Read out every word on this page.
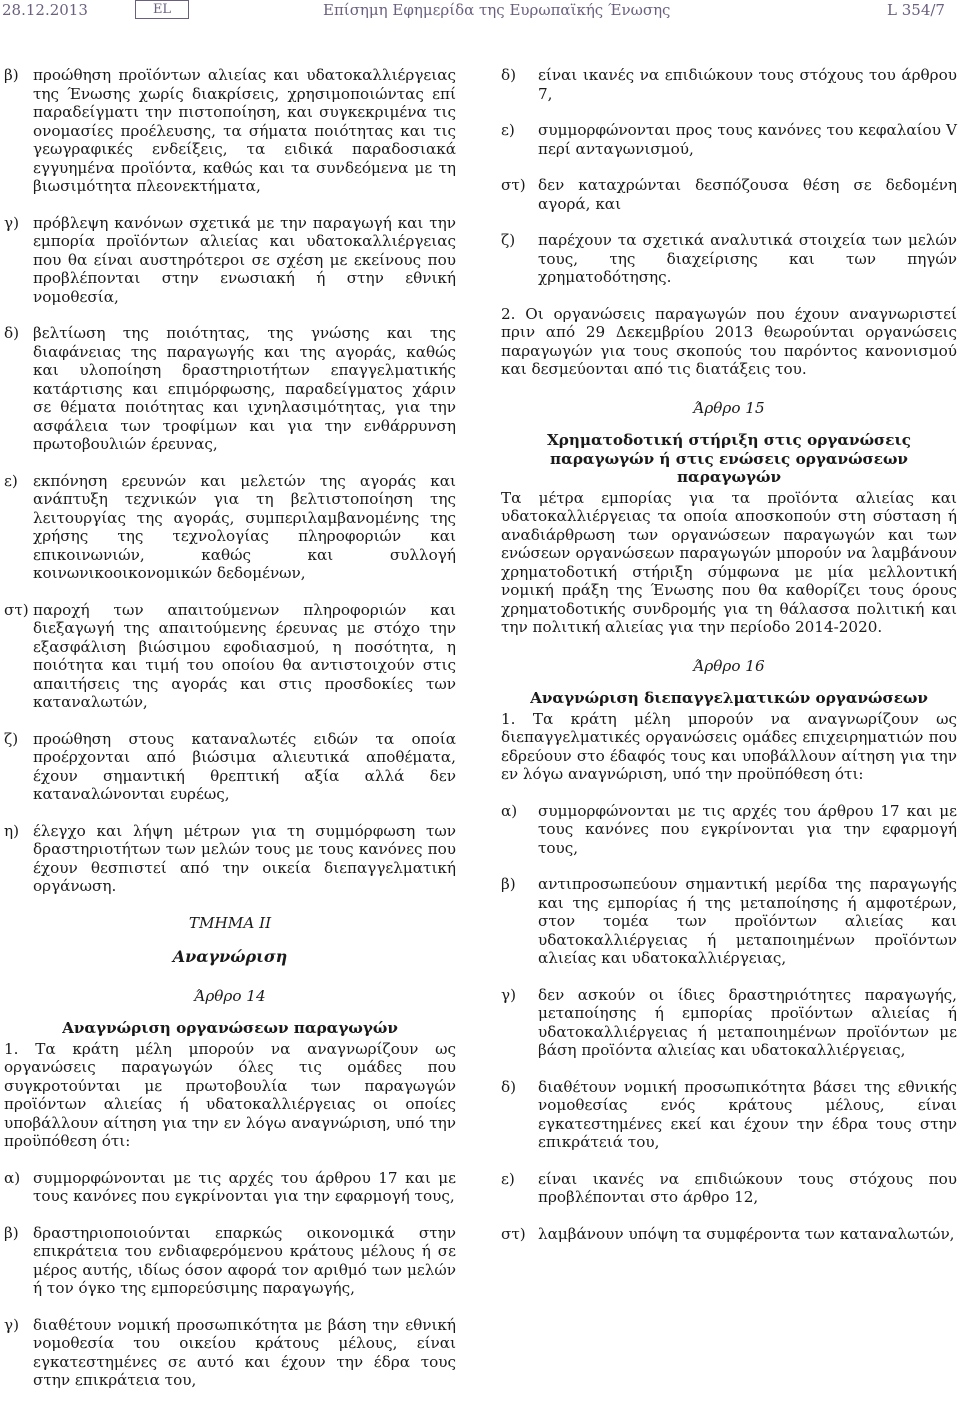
28.12.2013	EL	Επίσημη Εφημερίδα της Ευρωπαϊκής Ένωσης	L 354/7
β) προώθηση προϊόντων αλιείας και υδατοκαλλιέργειας της Ένωσης χωρίς διακρίσεις, χρησιμοποιώντας επί παραδείγματι την πιστοποίηση, και συγκεκριμένα τις ονομασίες προέλευσης, τα σήματα ποιότητας και τις γεωγραφικές ενδείξεις, τα ειδικά παραδοσιακά εγγυημένα προϊόντα, καθώς και τα συνδεόμενα με τη βιωσιμότητα πλεονεκτήματα,
γ) πρόβλεψη κανόνων σχετικά με την παραγωγή και την εμπορία προϊόντων αλιείας και υδατοκαλλιέργειας που θα είναι αυστηρότεροι σε σχέση με εκείνους που προβλέπονται στην ενωσιακή ή στην εθνική νομοθεσία,
δ) βελτίωση της ποιότητας, της γνώσης και της διαφάνειας της παραγωγής και της αγοράς, καθώς και υλοποίηση δραστηριοτήτων επαγγελματικής κατάρτισης και επιμόρφωσης, παραδείγματος χάριν σε θέματα ποιότητας και ιχνηλασιμότητας, για την ασφάλεια των τροφίμων και για την ενθάρρυνση πρωτοβουλιών έρευνας,
ε) εκπόνηση ερευνών και μελετών της αγοράς και ανάπτυξη τεχνικών για τη βελτιστοποίηση της λειτουργίας της αγοράς, συμπεριλαμβανομένης της χρήσης της τεχνολογίας πληροφοριών και επικοινωνιών, καθώς και συλλογή κοινωνικοοικονομικών δεδομένων,
στ) παροχή των απαιτούμενων πληροφοριών και διεξαγωγή της απαιτούμενης έρευνας με στόχο την εξασφάλιση βιώσιμου εφοδιασμού, η ποσότητα, η ποιότητα και τιμή του οποίου θα αντιστοιχούν στις απαιτήσεις της αγοράς και στις προσδοκίες των καταναλωτών,
ζ) προώθηση στους καταναλωτές ειδών τα οποία προέρχονται από βιώσιμα αλιευτικά αποθέματα, έχουν σημαντική θρεπτική αξία αλλά δεν καταναλώνονται ευρέως,
η) έλεγχο και λήψη μέτρων για τη συμμόρφωση των δραστηριοτήτων των μελών τους με τους κανόνες που έχουν θεσπιστεί από την οικεία διεπαγγελματική οργάνωση.
ΤΜΗΜΑ II
Αναγνώριση
Άρθρο 14
Αναγνώριση οργανώσεων παραγωγών
1. Τα κράτη μέλη μπορούν να αναγνωρίζουν ως οργανώσεις παραγωγών όλες τις ομάδες που συγκροτούνται με πρωτοβουλία των παραγωγών προϊόντων αλιείας ή υδατοκαλλιέργειας οι οποίες υποβάλλουν αίτηση για την εν λόγω αναγνώριση, υπό την προϋπόθεση ότι:
α) συμμορφώνονται με τις αρχές του άρθρου 17 και με τους κανόνες που εγκρίνονται για την εφαρμογή τους,
β) δραστηριοποιούνται επαρκώς οικονομικά στην επικράτεια του ενδιαφερόμενου κράτους μέλους ή σε μέρος αυτής, ιδίως όσον αφορά τον αριθμό των μελών ή τον όγκο της εμπορεύσιμης παραγωγής,
γ) διαθέτουν νομική προσωπικότητα με βάση την εθνική νομοθεσία του οικείου κράτους μέλους, είναι εγκατεστημένες σε αυτό και έχουν την έδρα τους στην επικράτεια του,
δ) είναι ικανές να επιδιώκουν τους στόχους του άρθρου 7,
ε) συμμορφώνονται προς τους κανόνες του κεφαλαίου V περί ανταγωνισμού,
στ) δεν καταχρώνται δεσπόζουσα θέση σε δεδομένη αγορά, και
ζ) παρέχουν τα σχετικά αναλυτικά στοιχεία των μελών τους, της διαχείρισης και των πηγών χρηματοδότησης.
2. Οι οργανώσεις παραγωγών που έχουν αναγνωριστεί πριν από 29 Δεκεμβρίου 2013 θεωρούνται οργανώσεις παραγωγών για τους σκοπούς του παρόντος κανονισμού και δεσμεύονται από τις διατάξεις του.
Άρθρο 15
Χρηματοδοτική στήριξη στις οργανώσεις παραγωγών ή στις ενώσεις οργανώσεων παραγωγών
Τα μέτρα εμπορίας για τα προϊόντα αλιείας και υδατοκαλλιέργειας τα οποία αποσκοπούν στη σύσταση ή αναδιάρθρωση των οργανώσεων παραγωγών και των ενώσεων οργανώσεων παραγωγών μπορούν να λαμβάνουν χρηματοδοτική στήριξη σύμφωνα με μία μελλοντική νομική πράξη της Ένωσης που θα καθορίζει τους όρους χρηματοδοτικής συνδρομής για τη θάλασσα πολιτική και την πολιτική αλιείας για την περίοδο 2014-2020.
Άρθρο 16
Αναγνώριση διεπαγγελματικών οργανώσεων
1. Τα κράτη μέλη μπορούν να αναγνωρίζουν ως διεπαγγελματικές οργανώσεις ομάδες επιχειρηματιών που εδρεύουν στο έδαφός τους και υποβάλλουν αίτηση για την εν λόγω αναγνώριση, υπό την προϋπόθεση ότι:
α) συμμορφώνονται με τις αρχές του άρθρου 17 και με τους κανόνες που εγκρίνονται για την εφαρμογή τους,
β) αντιπροσωπεύουν σημαντική μερίδα της παραγωγής και της εμπορίας ή της μεταποίησης ή αμφοτέρων, στον τομέα των προϊόντων αλιείας και υδατοκαλλιέργειας ή μεταποιημένων προϊόντων αλιείας και υδατοκαλλιέργειας,
γ) δεν ασκούν οι ίδιες δραστηριότητες παραγωγής, μεταποίησης ή εμπορίας προϊόντων αλιείας ή υδατοκαλλιέργειας ή μεταποιημένων προϊόντων με βάση προϊόντα αλιείας και υδατοκαλλιέργειας,
δ) διαθέτουν νομική προσωπικότητα βάσει της εθνικής νομοθεσίας ενός κράτους μέλους, είναι εγκατεστημένες εκεί και έχουν την έδρα τους στην επικράτειά του,
ε) είναι ικανές να επιδιώκουν τους στόχους που προβλέπονται στο άρθρο 12,
στ) λαμβάνουν υπόψη τα συμφέροντα των καταναλωτών,
